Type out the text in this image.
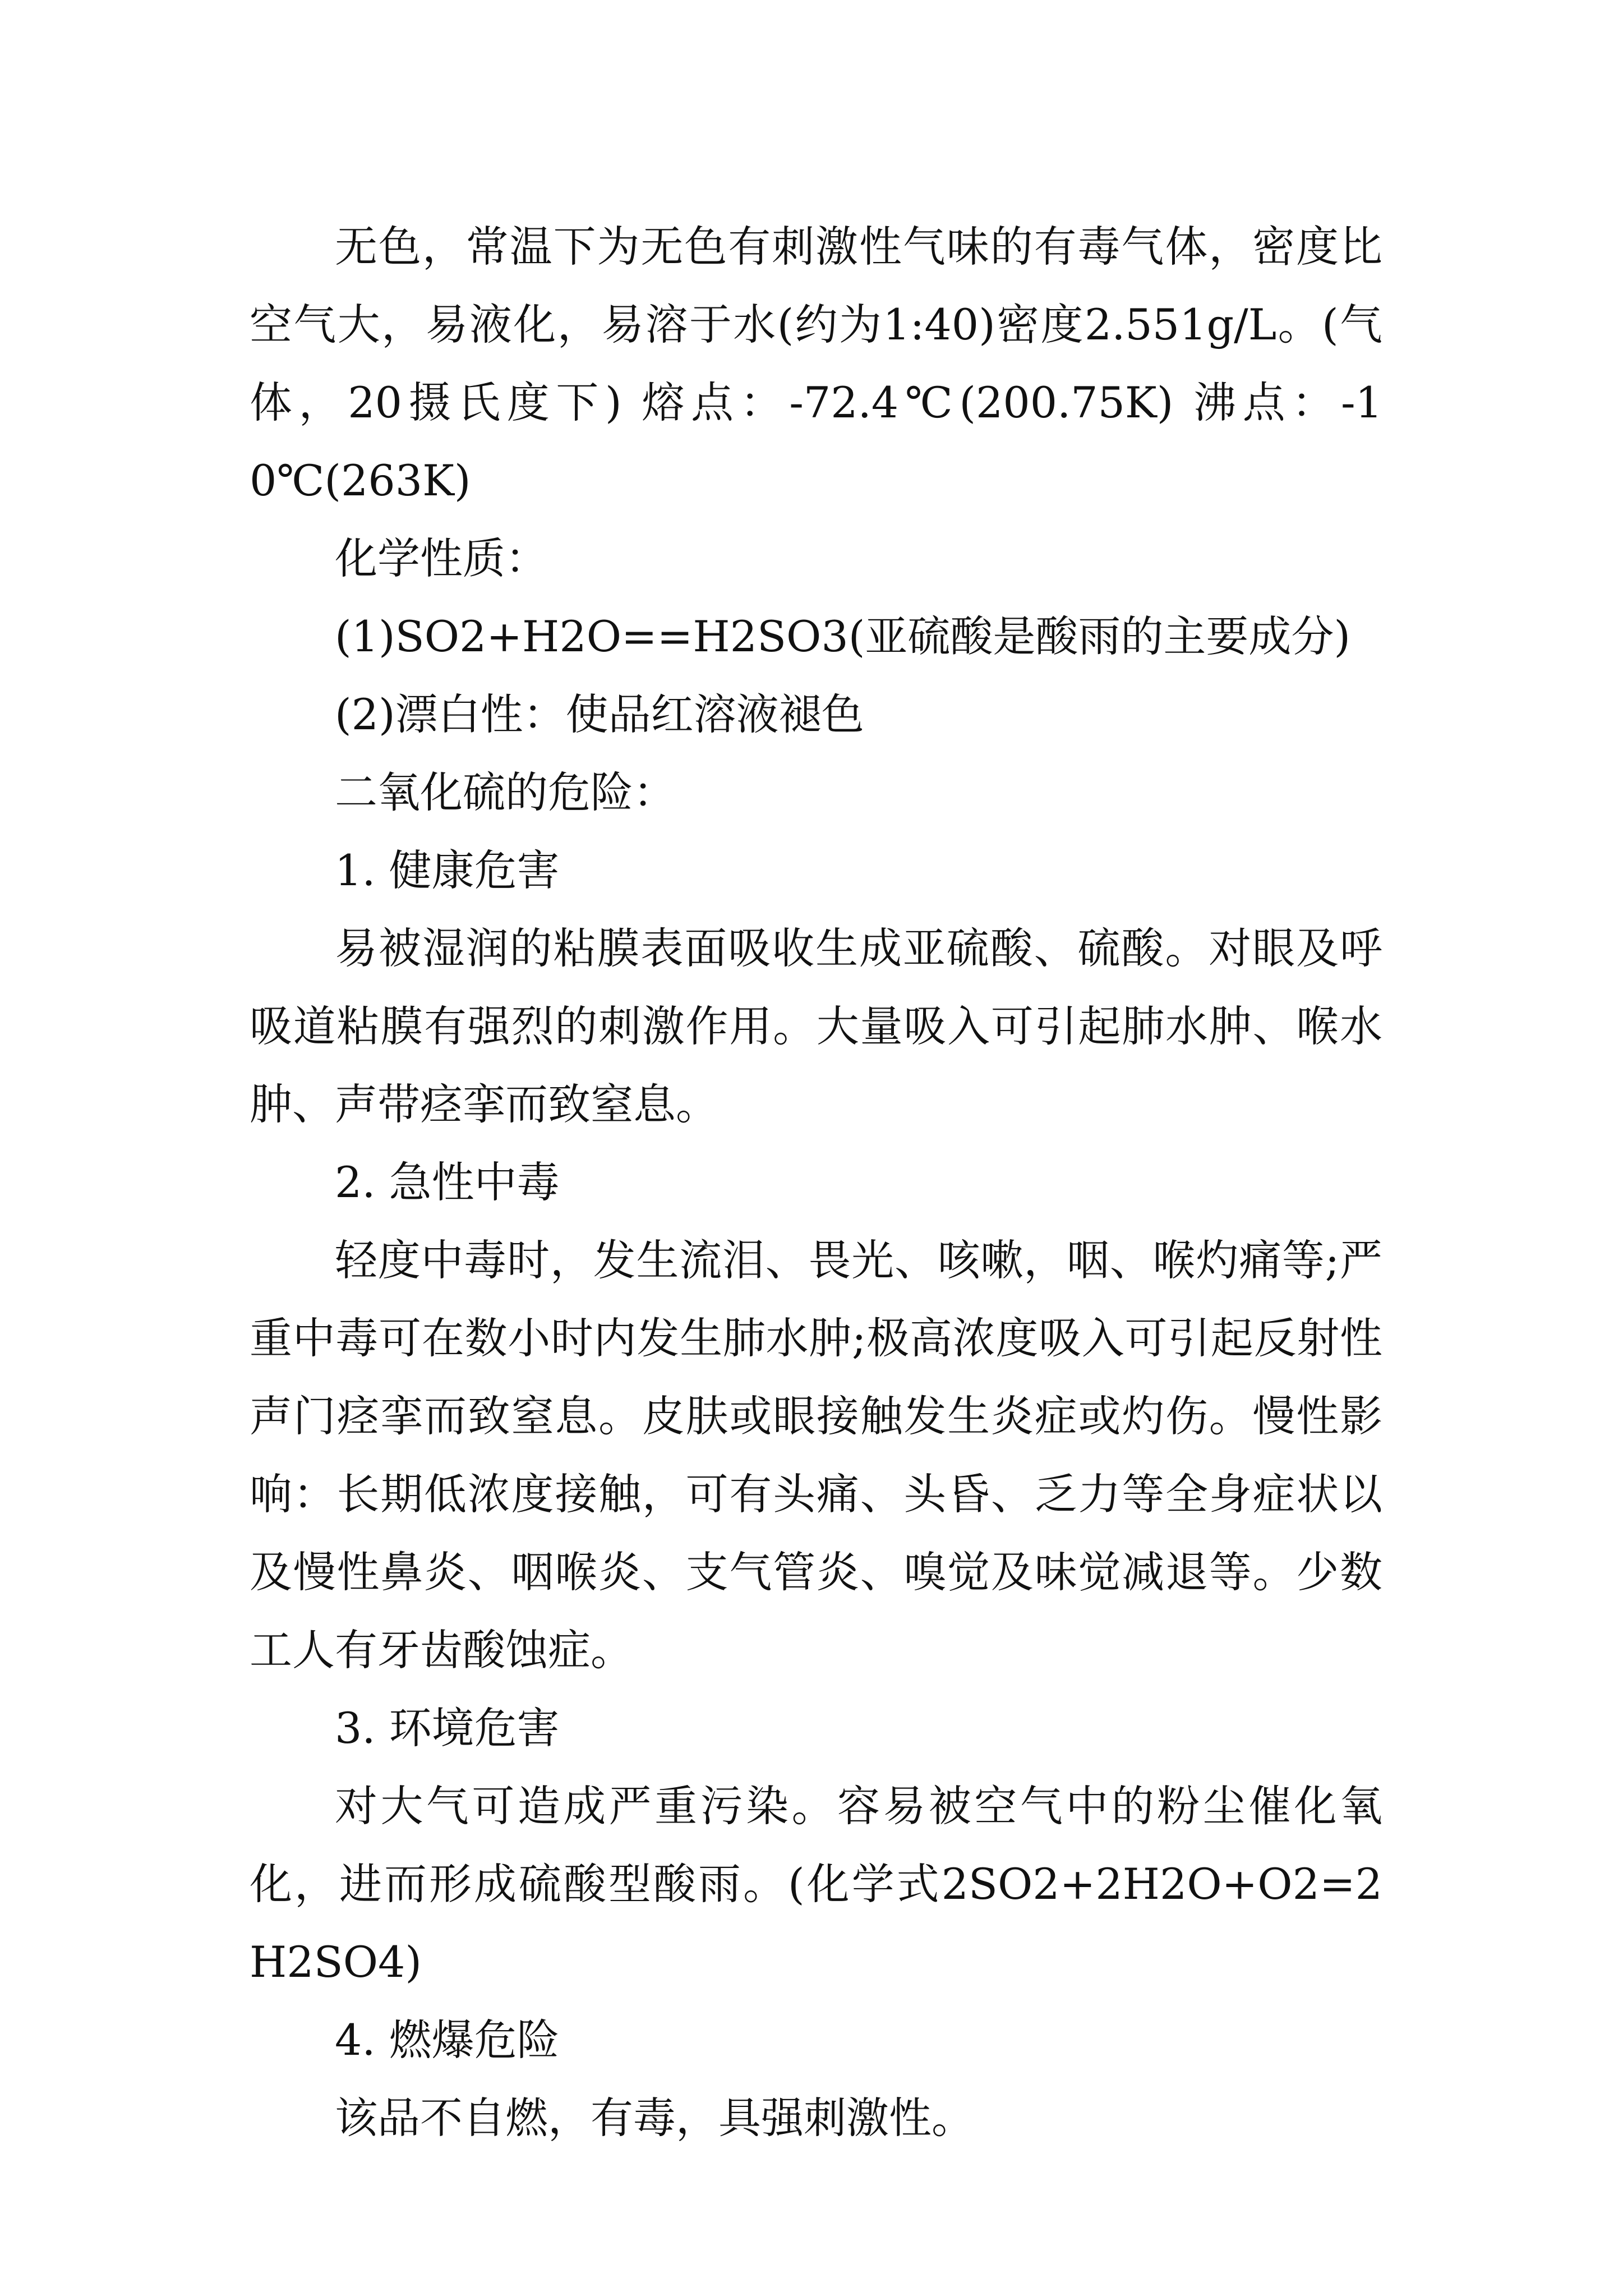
无色，常温下为无色有刺激性气味的有毒气体，密度比空气大，易液化，易溶于水(约为1:40)密度2.551g/L。(气体，20摄氏度下) 熔点：-72.4℃(200.75K) 沸点：-10℃(263K)

化学性质：

(1)SO2+H2O==H2SO3(亚硫酸是酸雨的主要成分)

(2)漂白性：使品红溶液褪色

二氧化硫的危险：

1. 健康危害

易被湿润的粘膜表面吸收生成亚硫酸、硫酸。对眼及呼吸道粘膜有强烈的刺激作用。大量吸入可引起肺水肿、喉水肿、声带痉挛而致窒息。

2. 急性中毒

轻度中毒时，发生流泪、畏光、咳嗽，咽、喉灼痛等;严重中毒可在数小时内发生肺水肿;极高浓度吸入可引起反射性声门痉挛而致窒息。皮肤或眼接触发生炎症或灼伤。慢性影响：长期低浓度接触，可有头痛、头昏、乏力等全身症状以及慢性鼻炎、咽喉炎、支气管炎、嗅觉及味觉减退等。少数工人有牙齿酸蚀症。

3. 环境危害

对大气可造成严重污染。容易被空气中的粉尘催化氧化，进而形成硫酸型酸雨。(化学式2SO2+2H2O+O2=2H2SO4)

4. 燃爆危险

该品不自燃，有毒，具强刺激性。
